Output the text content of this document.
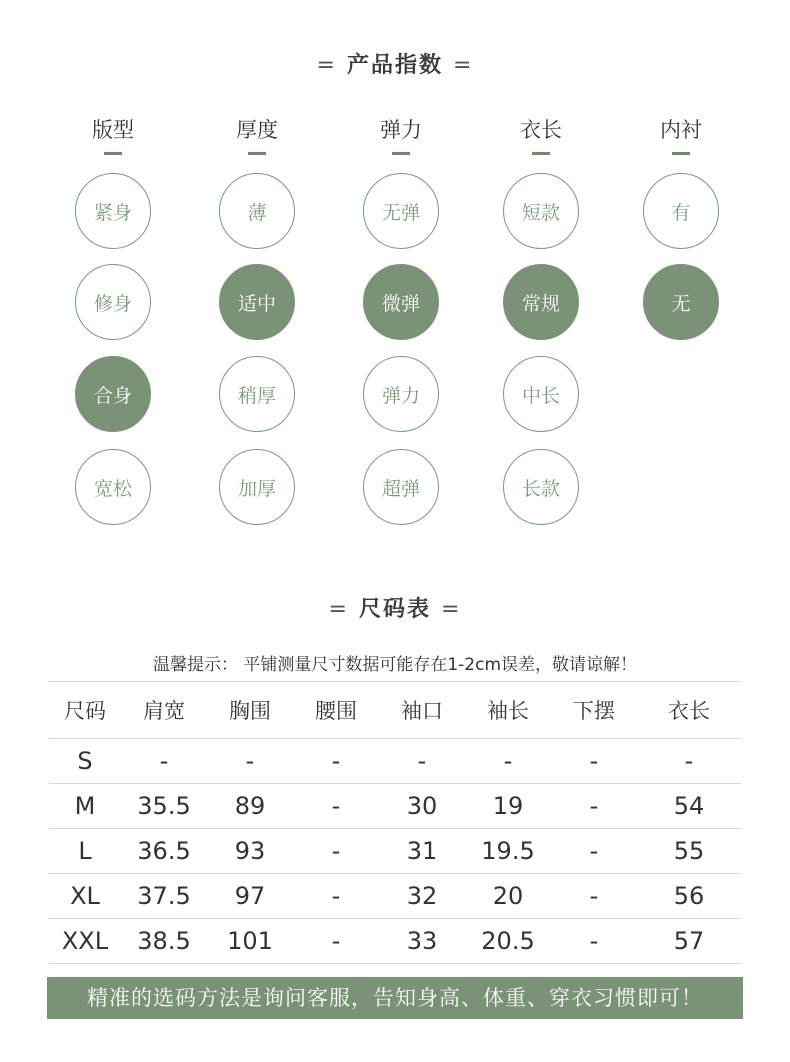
= 产品指数 =
版型
紧身
修身
合身
宽松
厚度
薄
适中
稍厚
加厚
弹力
无弹
微弹
弹力
超弹
衣长
短款
常规
中长
长款
内衬
有
无
= 尺码表 =
温馨提示： 平铺测量尺寸数据可能存在1-2cm误差，敬请谅解！
尺码	肩宽	胸围	腰围	袖口	袖长	下摆	衣长
S	-	-	-	-	-	-	-
M	35.5	89	-	30	19	-	54
L	36.5	93	-	31	19.5	-	55
XL	37.5	97	-	32	20	-	56
XXL	38.5	101	-	33	20.5	-	57
精准的选码方法是询问客服，告知身高、体重、穿衣习惯即可！
